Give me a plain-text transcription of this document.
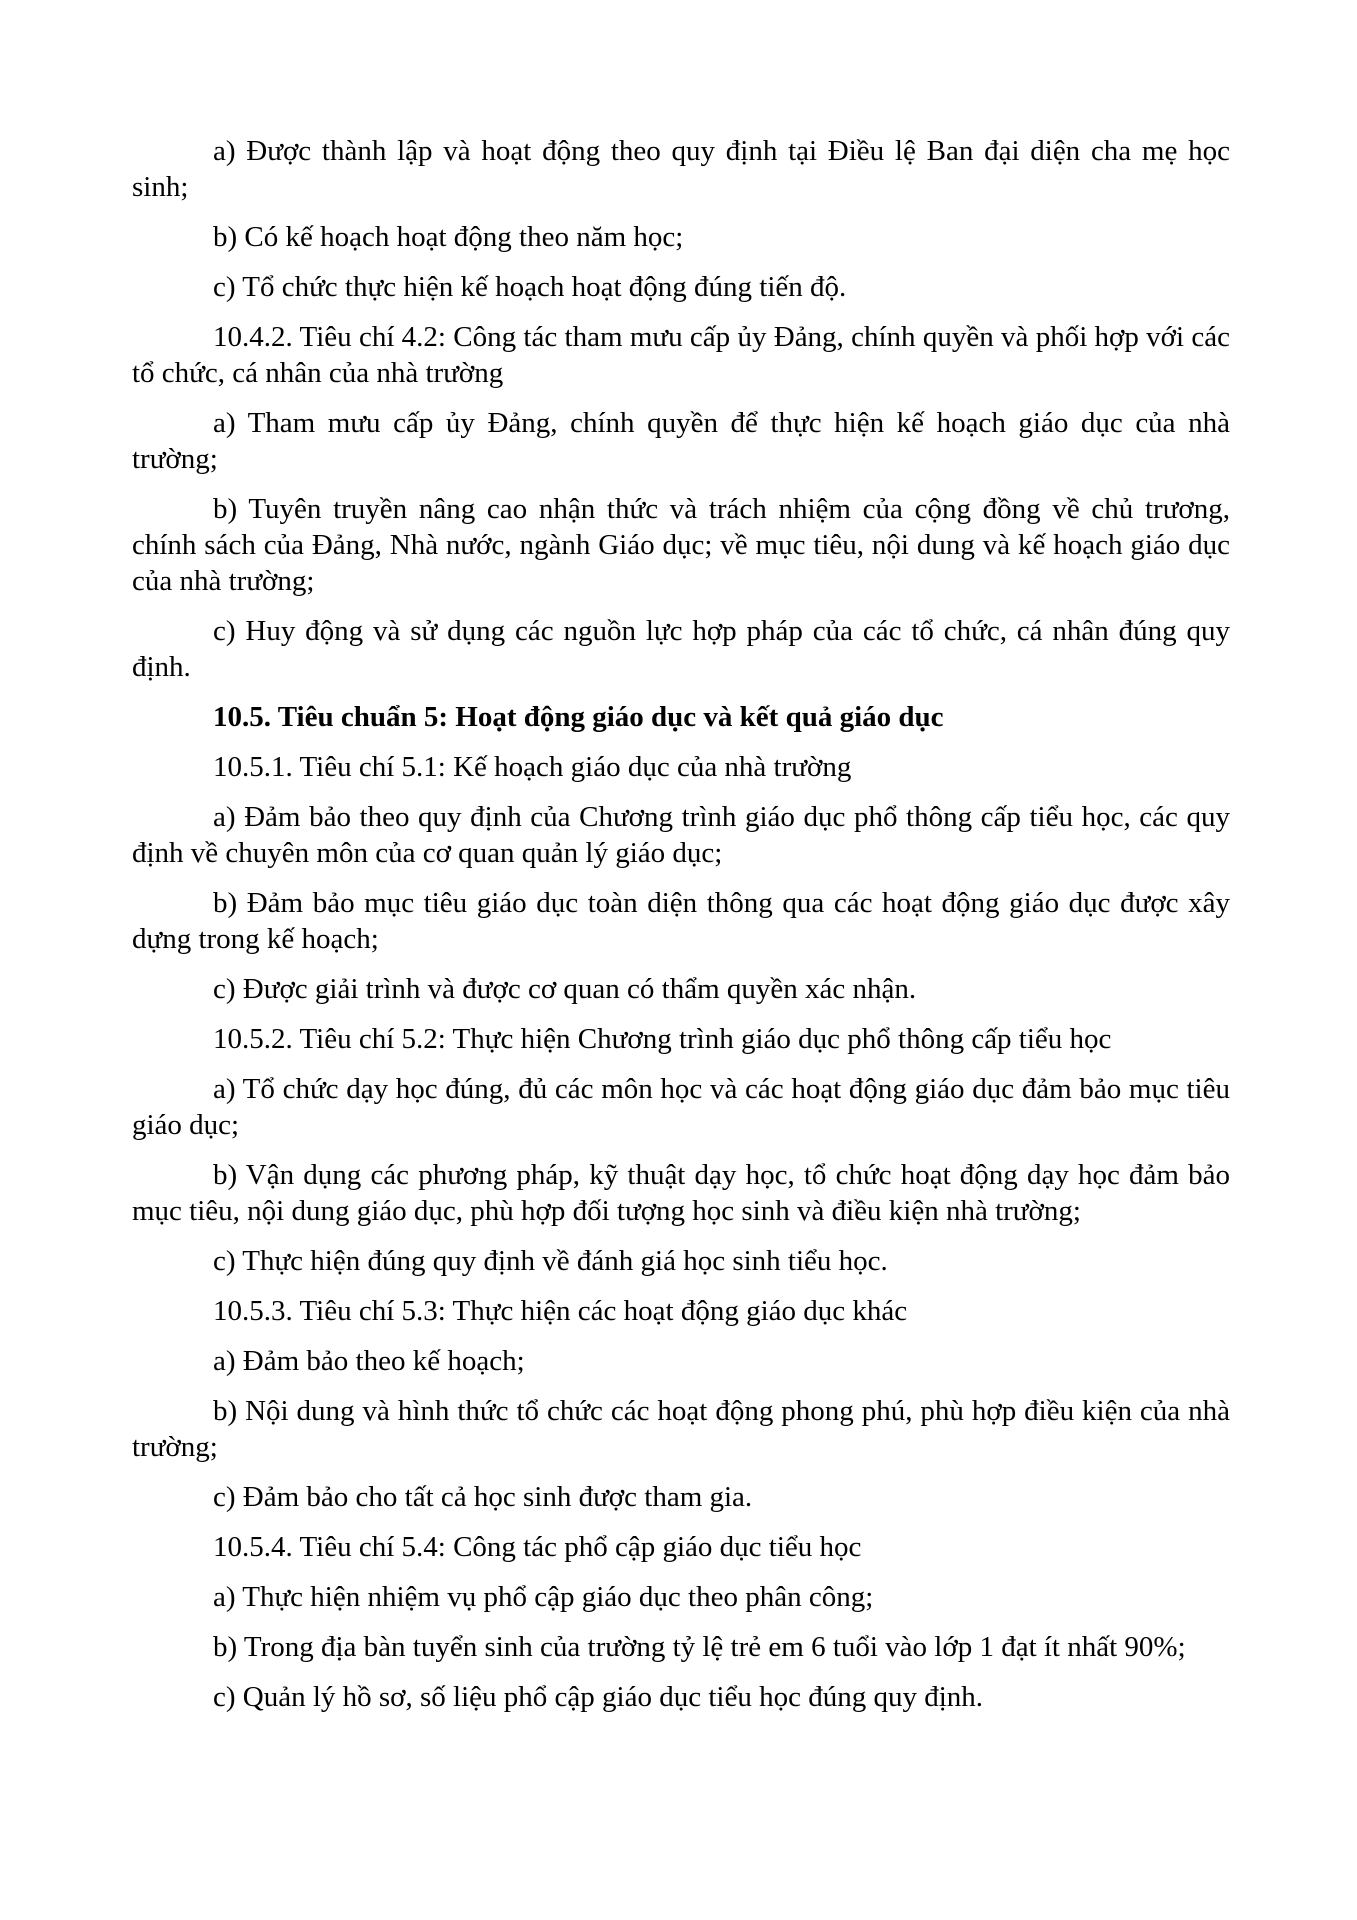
a) Được thành lập và hoạt động theo quy định tại Điều lệ Ban đại diện cha mẹ học sinh;

b) Có kế hoạch hoạt động theo năm học;

c) Tổ chức thực hiện kế hoạch hoạt động đúng tiến độ.

10.4.2. Tiêu chí 4.2: Công tác tham mưu cấp ủy Đảng, chính quyền và phối hợp với các tổ chức, cá nhân của nhà trường

a) Tham mưu cấp ủy Đảng, chính quyền để thực hiện kế hoạch giáo dục của nhà trường;

b) Tuyên truyền nâng cao nhận thức và trách nhiệm của cộng đồng về chủ trương, chính sách của Đảng, Nhà nước, ngành Giáo dục; về mục tiêu, nội dung và kế hoạch giáo dục của nhà trường;

c) Huy động và sử dụng các nguồn lực hợp pháp của các tổ chức, cá nhân đúng quy định.

10.5. Tiêu chuẩn 5: Hoạt động giáo dục và kết quả giáo dục

10.5.1. Tiêu chí 5.1: Kế hoạch giáo dục của nhà trường

a) Đảm bảo theo quy định của Chương trình giáo dục phổ thông cấp tiểu học, các quy định về chuyên môn của cơ quan quản lý giáo dục;

b) Đảm bảo mục tiêu giáo dục toàn diện thông qua các hoạt động giáo dục được xây dựng trong kế hoạch;

c) Được giải trình và được cơ quan có thẩm quyền xác nhận.

10.5.2. Tiêu chí 5.2: Thực hiện Chương trình giáo dục phổ thông cấp tiểu học

a) Tổ chức dạy học đúng, đủ các môn học và các hoạt động giáo dục đảm bảo mục tiêu giáo dục;

b) Vận dụng các phương pháp, kỹ thuật dạy học, tổ chức hoạt động dạy học đảm bảo mục tiêu, nội dung giáo dục, phù hợp đối tượng học sinh và điều kiện nhà trường;

c) Thực hiện đúng quy định về đánh giá học sinh tiểu học.

10.5.3. Tiêu chí 5.3: Thực hiện các hoạt động giáo dục khác

a) Đảm bảo theo kế hoạch;

b) Nội dung và hình thức tổ chức các hoạt động phong phú, phù hợp điều kiện của nhà trường;

c) Đảm bảo cho tất cả học sinh được tham gia.

10.5.4. Tiêu chí 5.4: Công tác phổ cập giáo dục tiểu học

a) Thực hiện nhiệm vụ phổ cập giáo dục theo phân công;

b) Trong địa bàn tuyển sinh của trường tỷ lệ trẻ em 6 tuổi vào lớp 1 đạt ít nhất 90%;

c) Quản lý hồ sơ, số liệu phổ cập giáo dục tiểu học đúng quy định.
